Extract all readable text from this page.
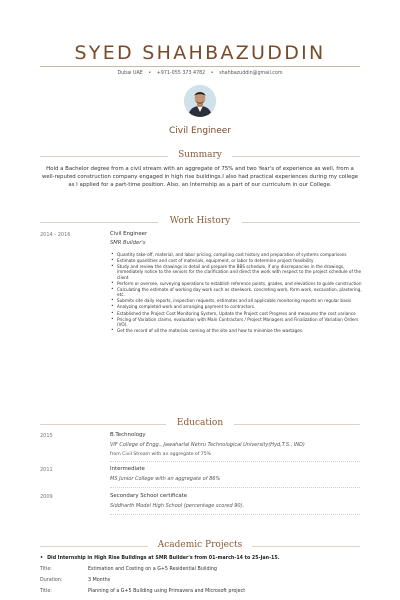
SYED SHAHBAZUDDIN
Dubai UAE • +971-055 373 4782 • shahbazuddin@gmail.com
Civil Engineer
Summary

Hold a Bachelor degree from a civil stream with an aggregate of 75% and two Year's of experience as well, from a well-reputed construction company engaged in high rise buildings.I also had practical experiences during my college as I applied for a part-time position. Also, an Internship as a part of our curriculum in our College.

Work History
2014 - 2016	Civil Engineer
SMR Builder's
• Quantity take-off, material, and labor pricing, compiling cost history and preparation of systems comparisons
• Estimate quantities and cost of materials, equipment, or labor to determine project feasibility
• Study and review the drawings in detail and prepare the BBS schedule, if any discrepancies in the drawings, immediately notice to the seniors for the clarification and direct the work with respect to the project schedule of the client
• Perform or oversee, surveying operations to establish reference points, grades, and elevations to guide construction
• Calculating the estimate of working day work such as steelwork, concreting work, form work, excavation, plastering, etc.
• Submits site daily reports, inspection requests, estimates and all applicable monitoring reports on regular basis
• Analyzing completed work and arranging payment to contractors.
• Established the Project Cost Monitoring System, Update the Project cost Progress and measures the cost variance
• Pricing of Variation claims, evaluation with Main Contractors / Project Managers and Finalization of Variation Orders (VO).
• Get the record of all the materials coming at the site and how to minimize the wastages.
Education
2015	B.Technology
VIF College of Engg., Jawaharlal Nehru Technological University(Hyd,T.S., IND)
from Civil Stream with an aggregate of 75%
2011	Intermediate
MS Junior College with an aggregate of 86%
2009	Secondary School certificate
Siddharth Model High School (percentage scored 90).
Academic Projects
• Did Internship in High Rise Buildings at SMR Builder's from 01-march-14 to 25-Jan-15.
Title:	Estimation and Costing on a G+5 Residential Building
Duration:	3 Months
Title:	Planning of a G+5 Building using Primavera and Microsoft project
